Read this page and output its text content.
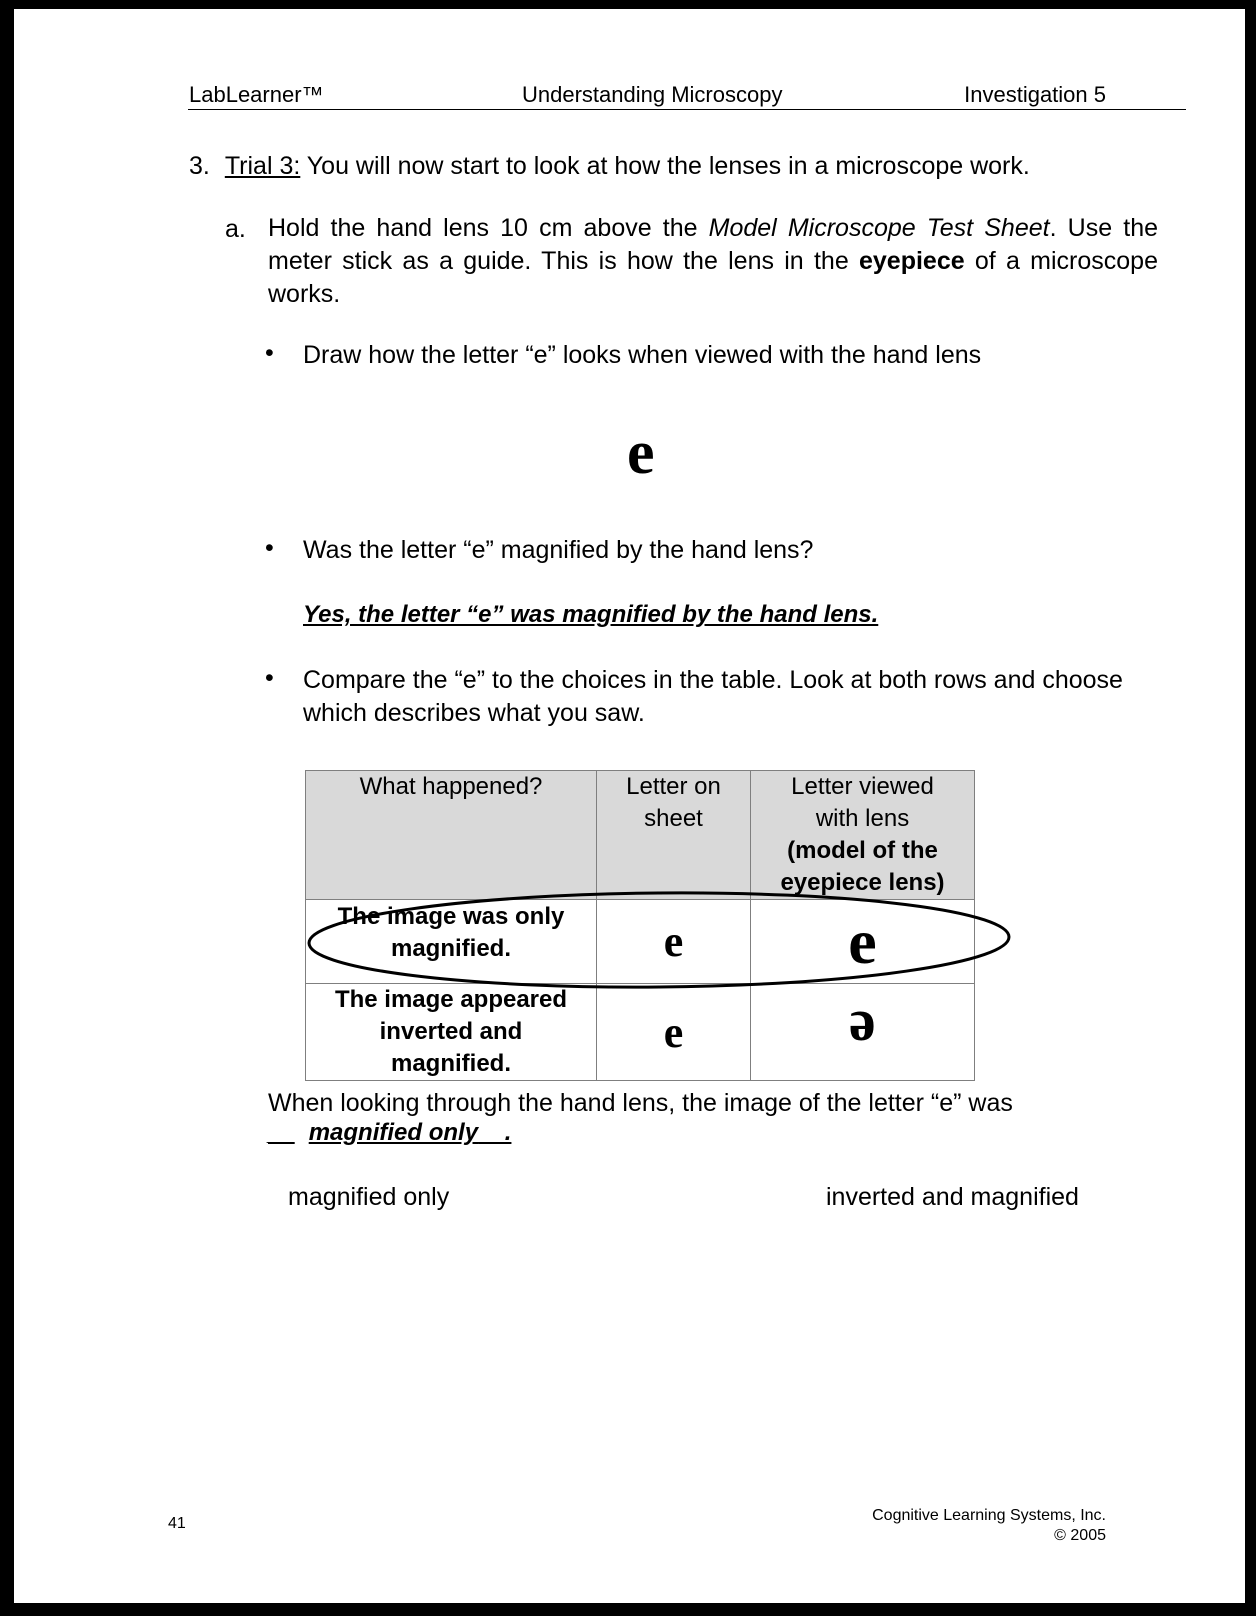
LabLearner™	Understanding Microscopy	Investigation 5
3. Trial 3: You will now start to look at how the lenses in a microscope work.
a. Hold the hand lens 10 cm above the Model Microscope Test Sheet. Use the meter stick as a guide. This is how the lens in the eyepiece of a microscope works.
• Draw how the letter “e” looks when viewed with the hand lens
e
• Was the letter “e” magnified by the hand lens?
Yes, the letter “e” was magnified by the hand lens.
• Compare the “e” to the choices in the table. Look at both rows and choose which describes what you saw.
What happened?	Letter on sheet	Letter viewed with lens
(model of the eyepiece lens)

The image was only magnified.	e	e

The image appeared inverted and magnified.	e	e
When looking through the hand lens, the image of the letter “e” was
__ magnified only__.
magnified only	inverted and magnified
41	Cognitive Learning Systems, Inc.
© 2005
